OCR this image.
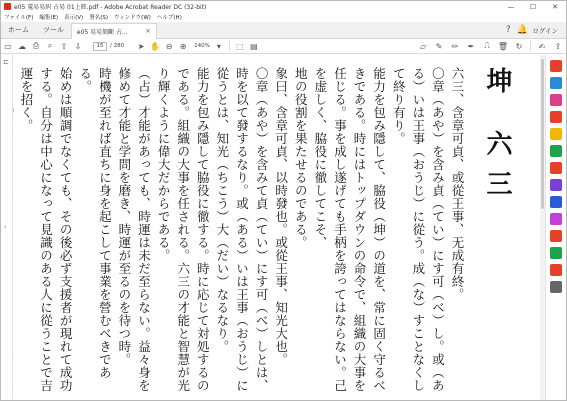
e05 蒐易易糾 占易 01上經.pdf - Adobe Acrobat Reader DC (32-bit)	—	☐	✕
ファイル(F) 編集(E) 表示(V) 署名(S) ウィンドウ(W) ヘルプ(H)
ホーム	ツール	e05 易易簡斷 占...	×	? 🔔 ログイン
▭ ☁ ⎙	⌕	⇧ ⇩	15	/ 280	➤ ✋ ⊖ ⊕	140% ▾	⬚ ▤	▱	✎	✏	✒	⎍	🗑 ↻	✍	⇪
⊏
›

坤 六三

六三、含章可貞、或從王事、无成有終。

〇章（あや）を含み貞（てい）にす可（べ）し。或（ある）いは王事（おうじ）に從う。成（な）すことなくして終り有り。

能力を包み隱して、脇役（坤）の道を、常に固く守るべきである。時にはトップダウンの命令で、組織の大事を任じる。事を成し遂げても手柄を誇ってはならない。己を虚しく、脇役に徹してこそ、

地の役割を果たせるのである。

象曰、含章可貞、以時發也。或從王事、知光大也。

〇章（あや）を含みて貞（てい）にす可（べ）しとは、時を以て發するなり。或（ある）いは王事（おうじ）に從うとは、知光（ちこう）大（だい）なるなり。

能力を包み隱して脇役に徹する。時に応じて対処するのである。組織の大事を任される。六三の才能と智慧が光り輝くように偉大だからである。

（占）才能があっても、時運は未だ至らない。益々身を修めて才能と学問を磨き、時運が至るのを待つ時。

時機が至れば直ちに身を起こして事業を營むべきである。

始めは順調でなくても、その後必ず支援者が現れて成功する。自分は中心になって見識のある人に從うことで吉運を招く。
